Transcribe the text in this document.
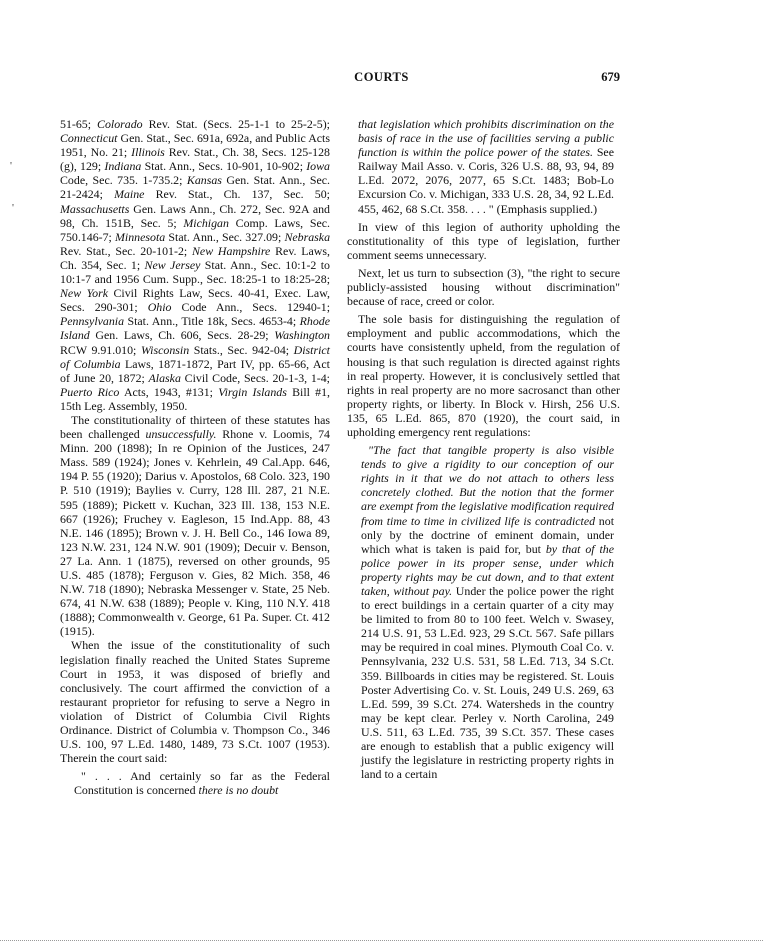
COURTS	679
'
'

51-65; Colorado Rev. Stat. (Secs. 25-1-1 to 25-2-5); Connecticut Gen. Stat., Sec. 691a, 692a, and Public Acts 1951, No. 21; Illinois Rev. Stat., Ch. 38, Secs. 125-128 (g), 129; Indiana Stat. Ann., Secs. 10-901, 10-902; Iowa Code, Sec. 735. 1-735.2; Kansas Gen. Stat. Ann., Sec. 21-2424; Maine Rev. Stat., Ch. 137, Sec. 50; Massachusetts Gen. Laws Ann., Ch. 272, Sec. 92A and 98, Ch. 151B, Sec. 5; Michigan Comp. Laws, Sec. 750.146-7; Minnesota Stat. Ann., Sec. 327.09; Nebraska Rev. Stat., Sec. 20-101-2; New Hampshire Rev. Laws, Ch. 354, Sec. 1; New Jersey Stat. Ann., Sec. 10:1-2 to 10:1-7 and 1956 Cum. Supp., Sec. 18:25-1 to 18:25-28; New York Civil Rights Law, Secs. 40-41, Exec. Law, Secs. 290-301; Ohio Code Ann., Secs. 12940-1; Pennsylvania Stat. Ann., Title 18k, Secs. 4653-4; Rhode Island Gen. Laws, Ch. 606, Secs. 28-29; Washington RCW 9.91.010; Wisconsin Stats., Sec. 942-04; District of Columbia Laws, 1871-1872, Part IV, pp. 65-66, Act of June 20, 1872; Alaska Civil Code, Secs. 20-1-3, 1-4; Puerto Rico Acts, 1943, #131; Virgin Islands Bill #1, 15th Leg. Assembly, 1950.

The constitutionality of thirteen of these statutes has been challenged unsuccessfully. Rhone v. Loomis, 74 Minn. 200 (1898); In re Opinion of the Justices, 247 Mass. 589 (1924); Jones v. Kehrlein, 49 Cal.App. 646, 194 P. 55 (1920); Darius v. Apostolos, 68 Colo. 323, 190 P. 510 (1919); Baylies v. Curry, 128 Ill. 287, 21 N.E. 595 (1889); Pickett v. Kuchan, 323 Ill. 138, 153 N.E. 667 (1926); Fruchey v. Eagleson, 15 Ind.App. 88, 43 N.E. 146 (1895); Brown v. J. H. Bell Co., 146 Iowa 89, 123 N.W. 231, 124 N.W. 901 (1909); Decuir v. Benson, 27 La. Ann. 1 (1875), reversed on other grounds, 95 U.S. 485 (1878); Ferguson v. Gies, 82 Mich. 358, 46 N.W. 718 (1890); Nebraska Messenger v. State, 25 Neb. 674, 41 N.W. 638 (1889); People v. King, 110 N.Y. 418 (1888); Commonwealth v. George, 61 Pa. Super. Ct. 412 (1915).

When the issue of the constitutionality of such legislation finally reached the United States Supreme Court in 1953, it was disposed of briefly and conclusively. The court affirmed the conviction of a restaurant proprietor for refusing to serve a Negro in violation of District of Columbia Civil Rights Ordinance. District of Columbia v. Thompson Co., 346 U.S. 100, 97 L.Ed. 1480, 1489, 73 S.Ct. 1007 (1953). Therein the court said:

" . . . And certainly so far as the Federal Constitution is concerned there is no doubt

that legislation which prohibits discrimination on the basis of race in the use of facilities serving a public function is within the police power of the states. See Railway Mail Asso. v. Coris, 326 U.S. 88, 93, 94, 89 L.Ed. 2072, 2076, 2077, 65 S.Ct. 1483; Bob-Lo Excursion Co. v. Michigan, 333 U.S. 28, 34, 92 L.Ed. 455, 462, 68 S.Ct. 358. . . . " (Emphasis supplied.)

In view of this legion of authority upholding the constitutionality of this type of legislation, further comment seems unnecessary.

Next, let us turn to subsection (3), "the right to secure publicly-assisted housing without discrimination" because of race, creed or color.

The sole basis for distinguishing the regulation of employment and public accommodations, which the courts have consistently upheld, from the regulation of housing is that such regulation is directed against rights in real property. However, it is conclusively settled that rights in real property are no more sacrosanct than other property rights, or liberty. In Block v. Hirsh, 256 U.S. 135, 65 L.Ed. 865, 870 (1920), the court said, in upholding emergency rent regulations:

"The fact that tangible property is also visible tends to give a rigidity to our conception of our rights in it that we do not attach to others less concretely clothed. But the notion that the former are exempt from the legislative modification required from time to time in civilized life is contradicted not only by the doctrine of eminent domain, under which what is taken is paid for, but by that of the police power in its proper sense, under which property rights may be cut down, and to that extent taken, without pay. Under the police power the right to erect buildings in a certain quarter of a city may be limited to from 80 to 100 feet. Welch v. Swasey, 214 U.S. 91, 53 L.Ed. 923, 29 S.Ct. 567. Safe pillars may be required in coal mines. Plymouth Coal Co. v. Pennsylvania, 232 U.S. 531, 58 L.Ed. 713, 34 S.Ct. 359. Billboards in cities may be registered. St. Louis Poster Advertising Co. v. St. Louis, 249 U.S. 269, 63 L.Ed. 599, 39 S.Ct. 274. Watersheds in the country may be kept clear. Perley v. North Carolina, 249 U.S. 511, 63 L.Ed. 735, 39 S.Ct. 357. These cases are enough to establish that a public exigency will justify the legislature in restricting property rights in land to a certain
